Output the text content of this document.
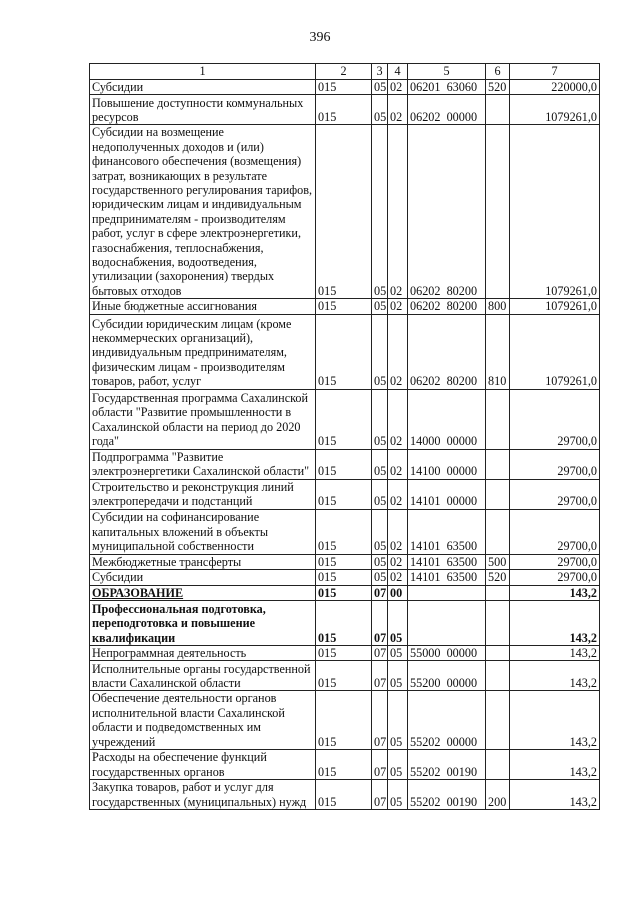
396
1	2	3	4	5	6	7
Субсидии	015	05	02	06201  63060	520	220000,0
Повышение доступности коммунальных ресурсов	015	05	02	06202  00000		1079261,0
Субсидии на возмещение недополученных доходов и (или) финансового обеспечения (возмещения) затрат, возникающих в результате государственного регулирования тарифов, юридическим лицам и индивидуальным предпринимателям - производителям работ, услуг в сфере электроэнергетики, газоснабжения, теплоснабжения, водоснабжения, водоотведения, утилизации (захоронения) твердых бытовых отходов	015	05	02	06202  80200		1079261,0
Иные бюджетные ассигнования	015	05	02	06202  80200	800	1079261,0
Субсидии юридическим лицам (кроме некоммерческих организаций), индивидуальным предпринимателям, физическим лицам - производителям товаров, работ, услуг	015	05	02	06202  80200	810	1079261,0
Государственная программа Сахалинской области "Развитие промышленности в Сахалинской области на период до 2020 года"	015	05	02	14000  00000		29700,0
Подпрограмма "Развитие электроэнергетики Сахалинской области"	015	05	02	14100  00000		29700,0
Строительство и реконструкция линий электропередачи и подстанций	015	05	02	14101  00000		29700,0
Субсидии на софинансирование капитальных вложений в объекты муниципальной собственности	015	05	02	14101  63500		29700,0
Межбюджетные трансферты	015	05	02	14101  63500	500	29700,0
Субсидии	015	05	02	14101  63500	520	29700,0
ОБРАЗОВАНИЕ	015	07	00			143,2
Профессиональная подготовка, переподготовка и повышение квалификации	015	07	05			143,2
Непрограммная деятельность	015	07	05	55000  00000		143,2
Исполнительные органы государственной власти Сахалинской области	015	07	05	55200  00000		143,2
Обеспечение деятельности органов исполнительной власти Сахалинской области и подведомственных им учреждений	015	07	05	55202  00000		143,2
Расходы на обеспечение функций государственных органов	015	07	05	55202  00190		143,2
Закупка товаров, работ и услуг для государственных (муниципальных) нужд	015	07	05	55202  00190	200	143,2
